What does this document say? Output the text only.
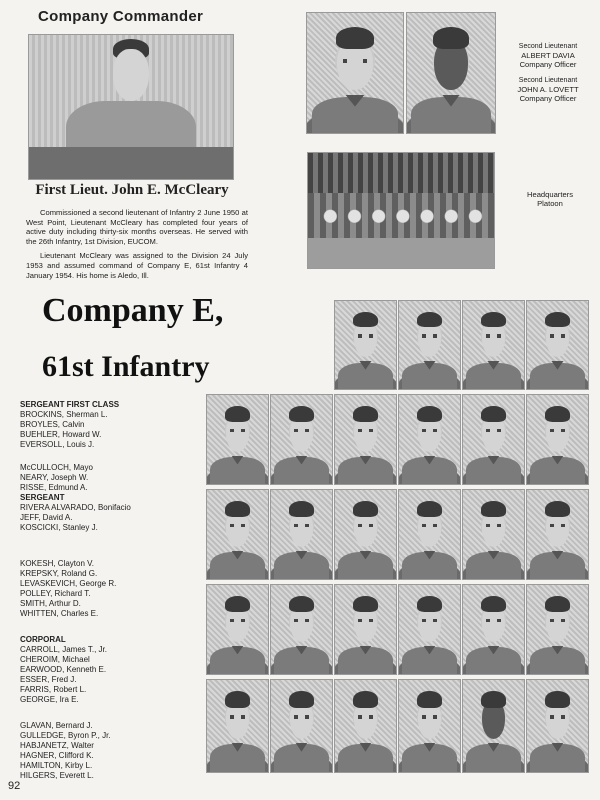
Company Commander
First Lieut. John E. McCleary

Commissioned a second lieutenant of Infantry 2 June 1950 at West Point, Lieutenant McCleary has completed four years of active duty including thirty-six months overseas. He served with the 26th Infantry, 1st Division, EUCOM.

Lieutenant McCleary was assigned to the Division 24 July 1953 and assumed command of Company E, 61st Infantry 4 January 1954. His home is Aledo, Ill.

Second Lieutenant
ALBERT DAVIA
Company Officer
Second Lieutenant
JOHN A. LOVETT
Company Officer
Headquarters
Platoon
Company E,
61st Infantry
SERGEANT FIRST CLASS
BROCKINS, Sherman L.
BROYLES, Calvin
BUEHLER, Howard W.
EVERSOLL, Louis J.
McCULLOCH, Mayo
NEARY, Joseph W.
RISSE, Edmund A.
SERGEANT
RIVERA ALVARADO, Bonifacio
JEFF, David A.
KOSCICKI, Stanley J.
KOKESH, Clayton V.
KREPSKY, Roland G.
LEVASKEVICH, George R.
POLLEY, Richard T.
SMITH, Arthur D.
WHITTEN, Charles E.
CORPORAL
CARROLL, James T., Jr.
CHEROIM, Michael
EARWOOD, Kenneth E.
ESSER, Fred J.
FARRIS, Robert L.
GEORGE, Ira E.
GLAVAN, Bernard J.
GULLEDGE, Byron P., Jr.
HABJANETZ, Walter
HAGNER, Clifford K.
HAMILTON, Kirby L.
HILGERS, Everett L.
92
